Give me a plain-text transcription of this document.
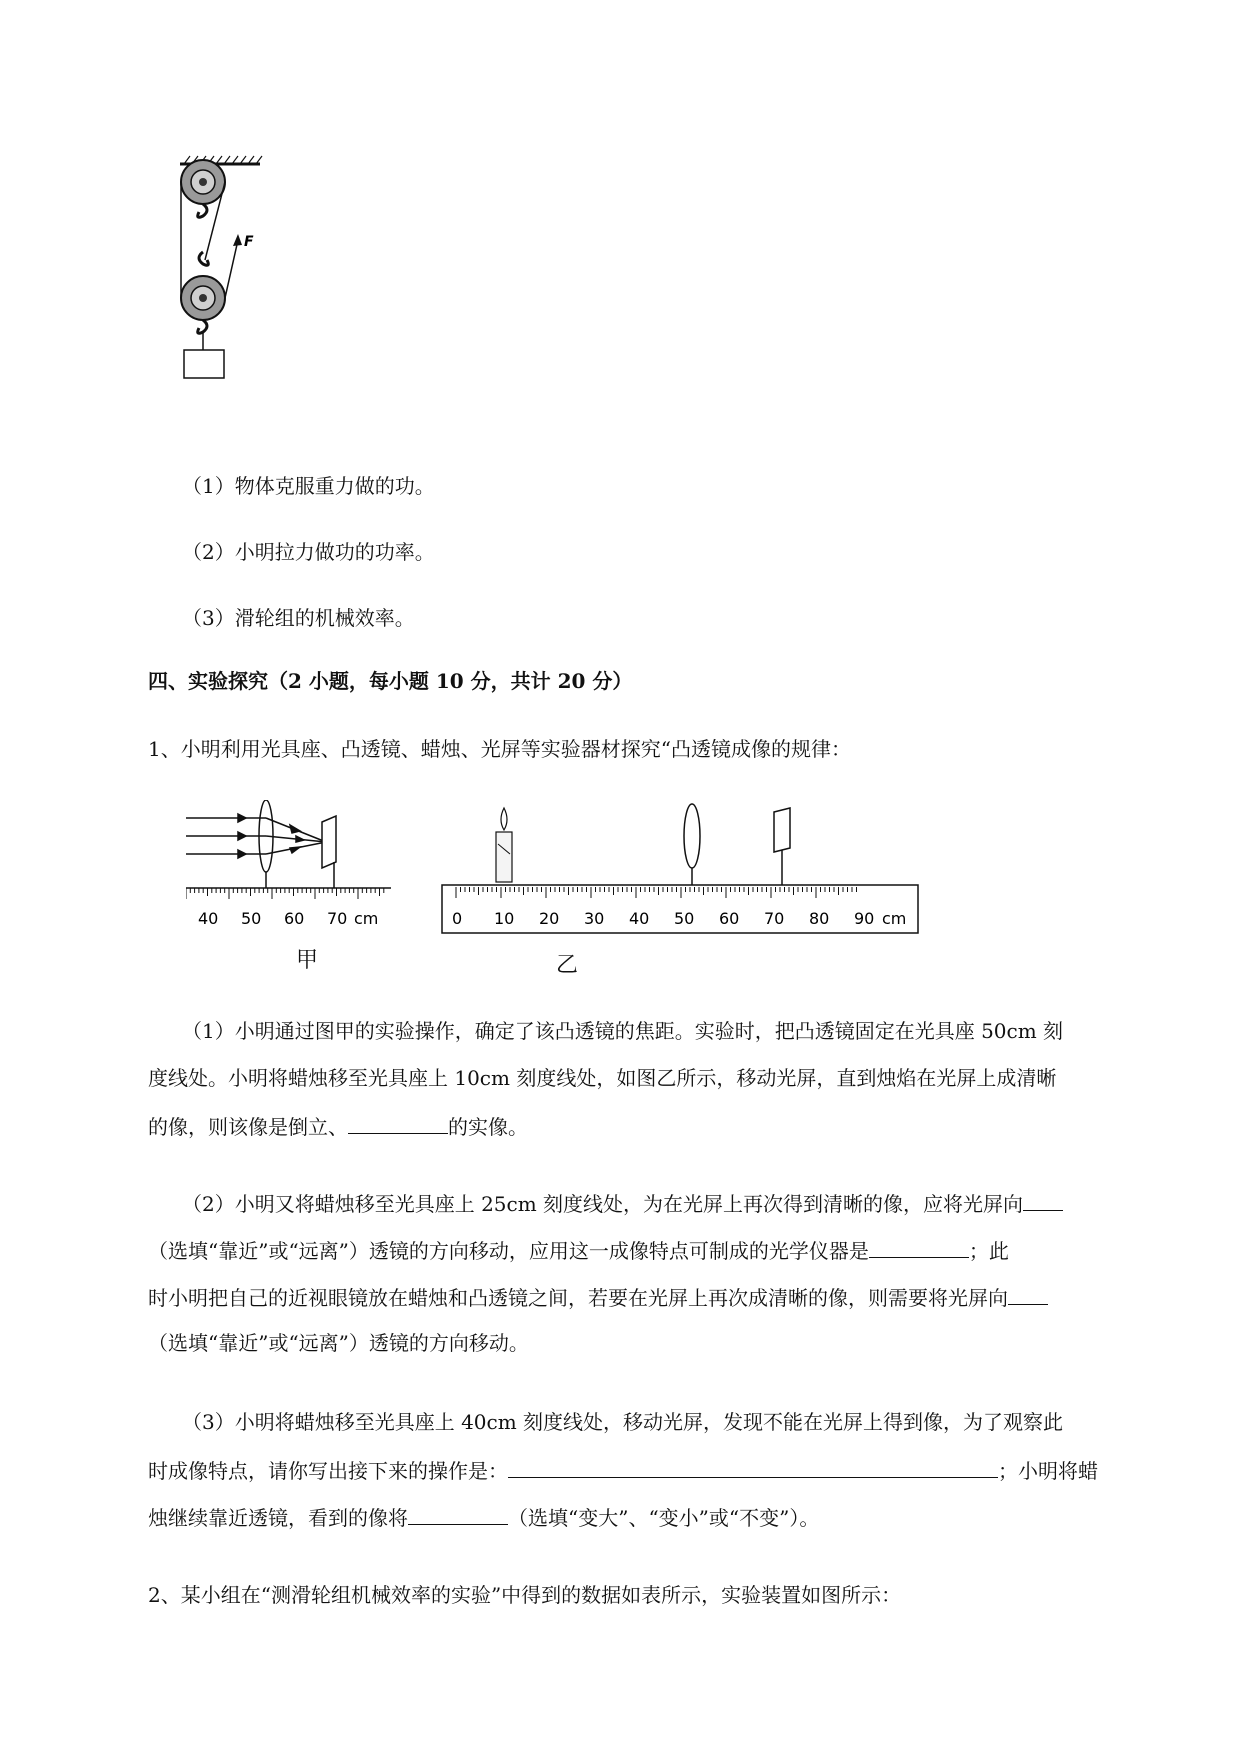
F
（1）物体克服重力做的功。
（2）小明拉力做功的功率。
（3）滑轮组的机械效率。
四、实验探究（2 小题，每小题 10 分，共计 20 分）
1、小明利用光具座、凸透镜、蜡烛、光屏等实验器材探究“凸透镜成像的规律：
40 50 60 70 cm
甲
0 10 20 30 40 50 60 70 80 90 cm
乙
（1）小明通过图甲的实验操作，确定了该凸透镜的焦距。实验时，把凸透镜固定在光具座 50cm 刻
度线处。小明将蜡烛移至光具座上 10cm 刻度线处，如图乙所示，移动光屏，直到烛焰在光屏上成清晰
的像，则该像是倒立、	的实像。
（2）小明又将蜡烛移至光具座上 25cm 刻度线处，为在光屏上再次得到清晰的像，应将光屏向
（选填“靠近”或“远离”）透镜的方向移动，应用这一成像特点可制成的光学仪器是	；此
时小明把自己的近视眼镜放在蜡烛和凸透镜之间，若要在光屏上再次成清晰的像，则需要将光屏向
（选填“靠近”或“远离”）透镜的方向移动。
（3）小明将蜡烛移至光具座上 40cm 刻度线处，移动光屏，发现不能在光屏上得到像，为了观察此
时成像特点，请你写出接下来的操作是：	；小明将蜡
烛继续靠近透镜，看到的像将	（选填“变大”、“变小”或“不变”）。
2、某小组在“测滑轮组机械效率的实验”中得到的数据如表所示，实验装置如图所示：
